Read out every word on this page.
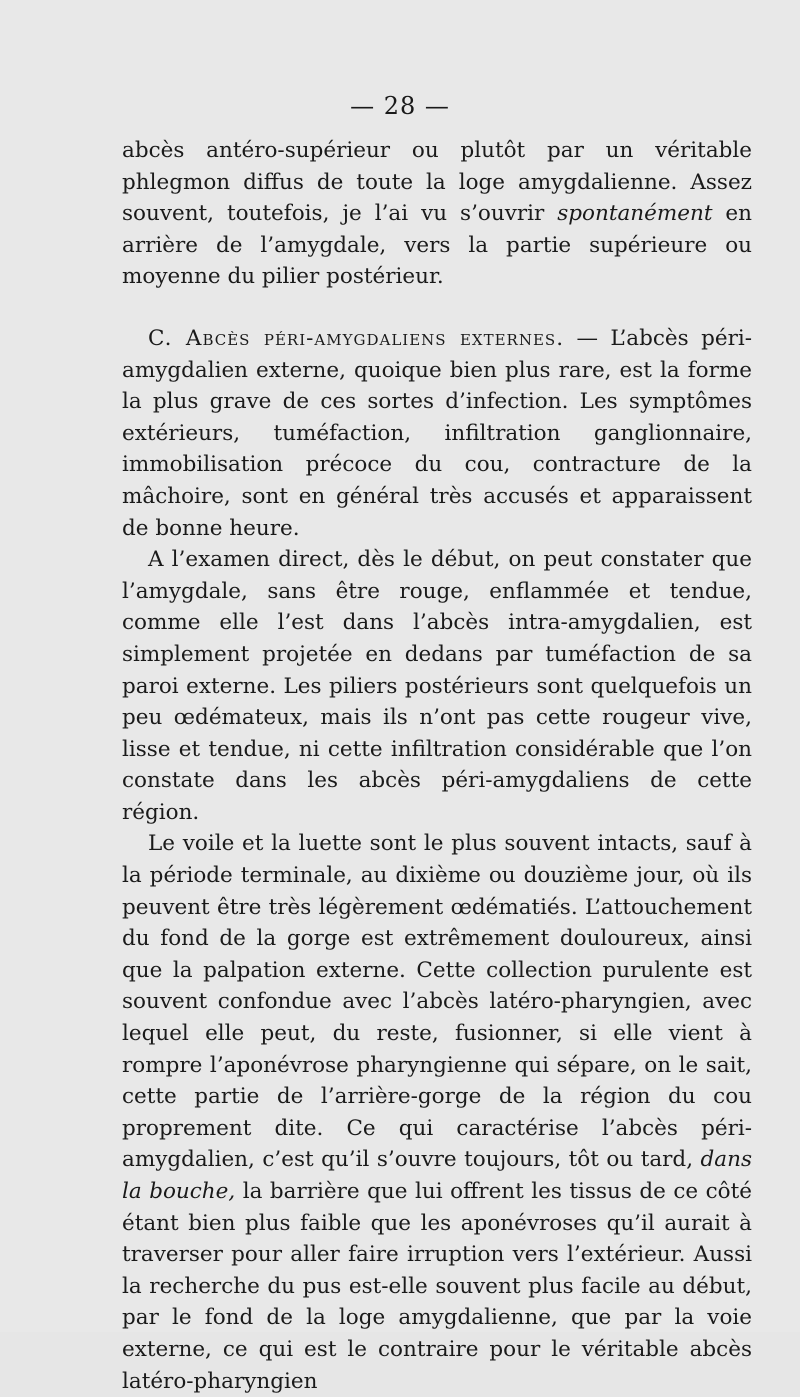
— 28 —

abcès antéro-supérieur ou plutôt par un véritable phlegmon diffus de toute la loge amygdalienne. Assez souvent, toutefois, je l’ai vu s’ouvrir spontanément en arrière de l’amygdale, vers la partie supérieure ou moyenne du pilier postérieur.

C. Abcès péri-amygdaliens externes. — L’abcès péri-amygdalien externe, quoique bien plus rare, est la forme la plus grave de ces sortes d’infection. Les symptômes extérieurs, tuméfaction, infiltration ganglionnaire, immobilisation précoce du cou, contracture de la mâchoire, sont en général très accusés et apparaissent de bonne heure.

A l’examen direct, dès le début, on peut constater que l’amygdale, sans être rouge, enflammée et tendue, comme elle l’est dans l’abcès intra-amygdalien, est simplement projetée en dedans par tuméfaction de sa paroi externe. Les piliers postérieurs sont quelquefois un peu œdémateux, mais ils n’ont pas cette rougeur vive, lisse et tendue, ni cette infiltration considérable que l’on constate dans les abcès péri-amygdaliens de cette région.

Le voile et la luette sont le plus souvent intacts, sauf à la période terminale, au dixième ou douzième jour, où ils peuvent être très légèrement œdématiés. L’attouchement du fond de la gorge est extrêmement douloureux, ainsi que la palpation externe. Cette collection purulente est souvent confondue avec l’abcès latéro-pharyngien, avec lequel elle peut, du reste, fusionner, si elle vient à rompre l’aponévrose pharyngienne qui sépare, on le sait, cette partie de l’arrière-gorge de la région du cou proprement dite. Ce qui caractérise l’abcès péri-amygdalien, c’est qu’il s’ouvre toujours, tôt ou tard, dans la bouche, la barrière que lui offrent les tissus de ce côté étant bien plus faible que les aponévroses qu’il aurait à traverser pour aller faire irruption vers l’extérieur. Aussi la recherche du pus est-elle souvent plus facile au début, par le fond de la loge amygdalienne, que par la voie externe, ce qui est le contraire pour le véritable abcès latéro-pharyngien
